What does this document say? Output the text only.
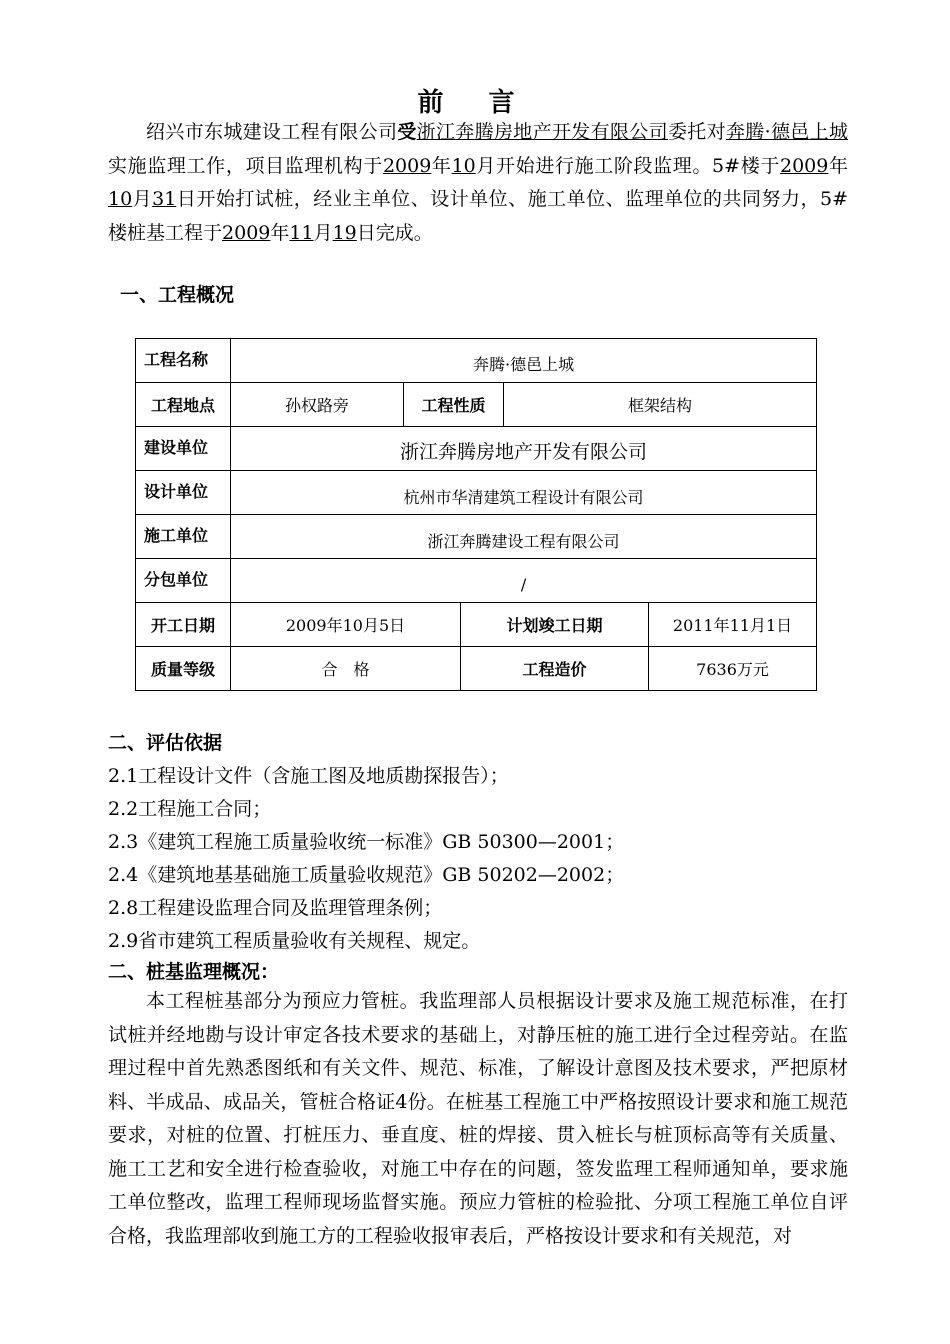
前 言

绍兴市东城建设工程有限公司受浙江奔腾房地产开发有限公司委托对奔腾·德邑上城实施监理工作，项目监理机构于2009年10月开始进行施工阶段监理。5#楼于2009年10月31日开始打试桩，经业主单位、设计单位、施工单位、监理单位的共同努力，5#楼桩基工程于2009年11月19日完成。

一、工程概况
工程名称	奔腾·德邑上城				
工程地点	孙权路旁	工程性质		框架结构	
建设单位	浙江奔腾房地产开发有限公司				
设计单位	杭州市华清建筑工程设计有限公司				
施工单位	浙江奔腾建设工程有限公司				
分包单位	/				
开工日期	2009年10月5日		计划竣工日期		2011年11月1日
质量等级	合　格		工程造价		7636万元
二、评估依据
2.1工程设计文件（含施工图及地质勘探报告）；
2.2工程施工合同；
2.3《建筑工程施工质量验收统一标准》GB 50300—2001；
2.4《建筑地基基础施工质量验收规范》GB 50202—2002；
2.8工程建设监理合同及监理管理条例；
2.9省市建筑工程质量验收有关规程、规定。
二、桩基监理概况：

本工程桩基部分为预应力管桩。我监理部人员根据设计要求及施工规范标准，在打试桩并经地勘与设计审定各技术要求的基础上，对静压桩的施工进行全过程旁站。在监理过程中首先熟悉图纸和有关文件、规范、标准，了解设计意图及技术要求，严把原材料、半成品、成品关，管桩合格证4份。在桩基工程施工中严格按照设计要求和施工规范要求，对桩的位置、打桩压力、垂直度、桩的焊接、贯入桩长与桩顶标高等有关质量、施工工艺和安全进行检查验收，对施工中存在的问题，签发监理工程师通知单，要求施工单位整改，监理工程师现场监督实施。预应力管桩的检验批、分项工程施工单位自评合格，我监理部收到施工方的工程验收报审表后，严格按设计要求和有关规范，对
